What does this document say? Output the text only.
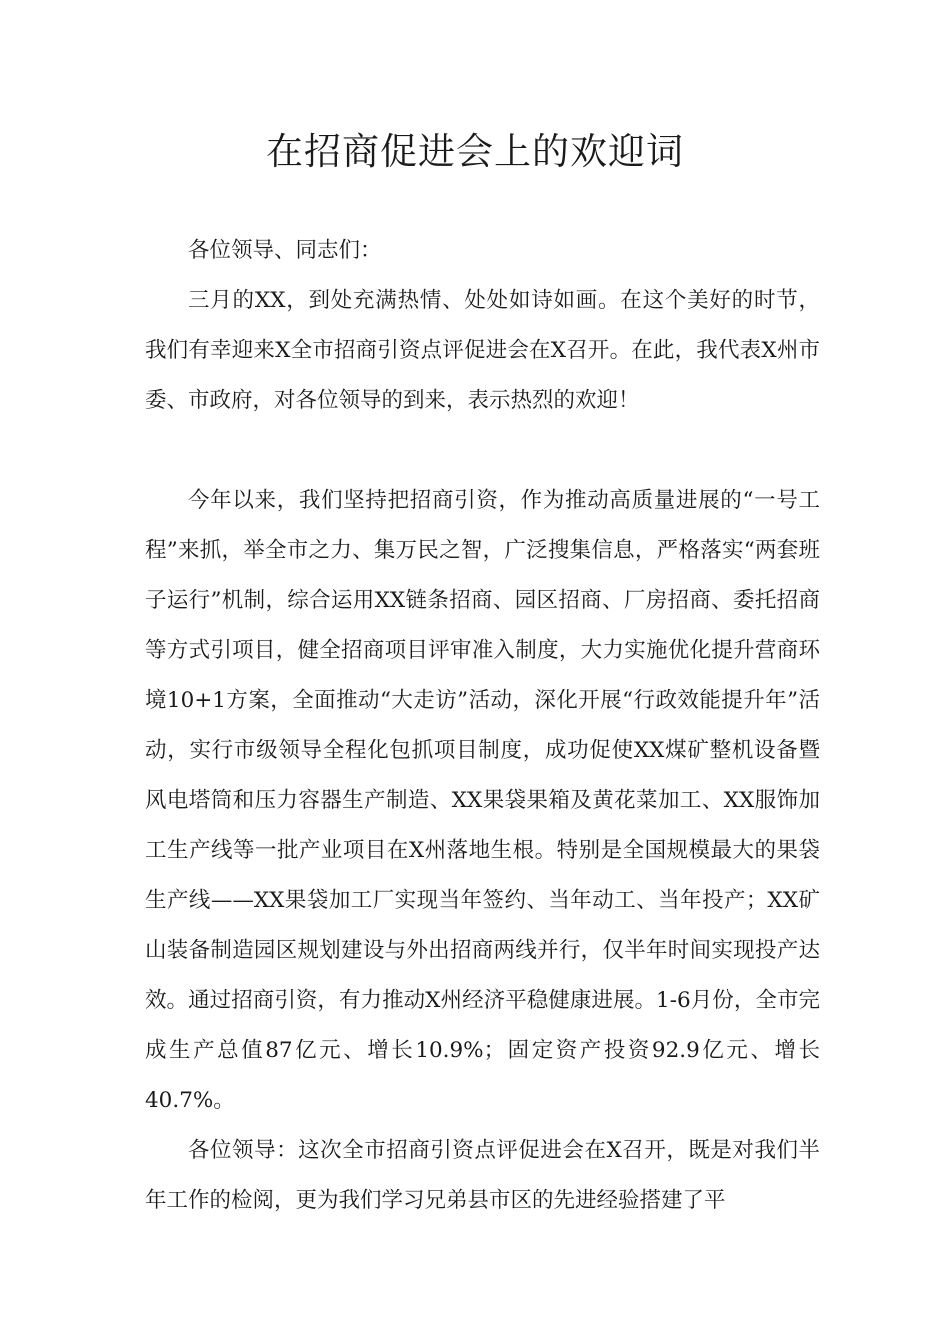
在招商促进会上的欢迎词

各位领导、同志们：

三月的XX，到处充满热情、处处如诗如画。在这个美好的时节，我们有幸迎来X全市招商引资点评促进会在X召开。在此，我代表X州市委、市政府，对各位领导的到来，表示热烈的欢迎！

今年以来，我们坚持把招商引资，作为推动高质量进展的“一号工程”来抓，举全市之力、集万民之智，广泛搜集信息，严格落实“两套班子运行”机制，综合运用XX链条招商、园区招商、厂房招商、委托招商等方式引项目，健全招商项目评审准入制度，大力实施优化提升营商环境10+1方案，全面推动“大走访”活动，深化开展“行政效能提升年”活动，实行市级领导全程化包抓项目制度，成功促使XX煤矿整机设备暨风电塔筒和压力容器生产制造、XX果袋果箱及黄花菜加工、XX服饰加工生产线等一批产业项目在X州落地生根。特别是全国规模最大的果袋生产线——XX果袋加工厂实现当年签约、当年动工、当年投产；XX矿山装备制造园区规划建设与外出招商两线并行，仅半年时间实现投产达效。通过招商引资，有力推动X州经济平稳健康进展。1-6月份，全市完成生产总值87亿元、增长10.9%；固定资产投资92.9亿元、增长40.7%。

各位领导：这次全市招商引资点评促进会在X召开，既是对我们半年工作的检阅，更为我们学习兄弟县市区的先进经验搭建了平
